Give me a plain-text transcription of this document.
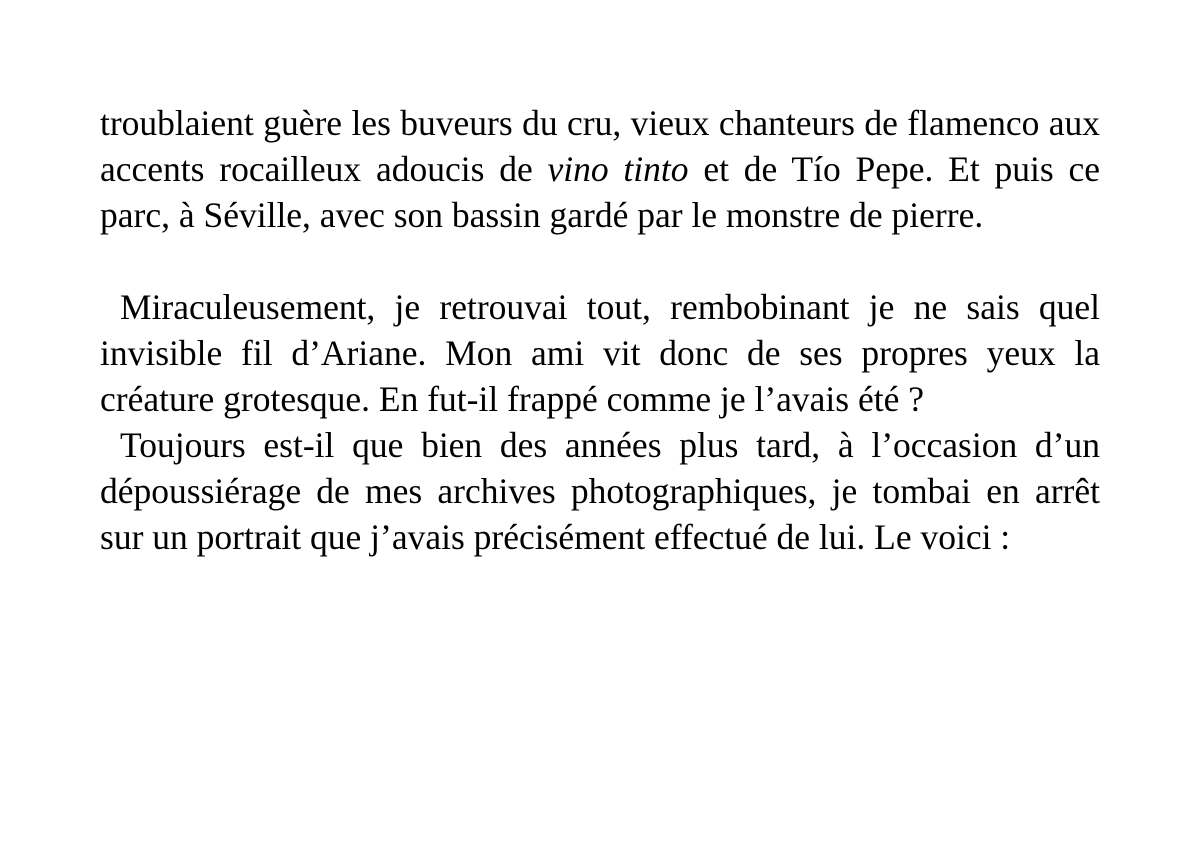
troublaient guère les buveurs du cru, vieux chanteurs de flamenco aux accents rocailleux adoucis de vino tinto et de Tío Pepe. Et puis ce parc, à Séville, avec son bassin gardé par le monstre de pierre.

Miraculeusement, je retrouvai tout, rembobinant je ne sais quel invisible fil d’Ariane. Mon ami vit donc de ses propres yeux la créature grotesque. En fut-il frappé comme je l’avais été ?

Toujours est-il que bien des années plus tard, à l’occasion d’un dépoussiérage de mes archives photographiques, je tombai en arrêt sur un portrait que j’avais précisément effectué de lui. Le voici :
